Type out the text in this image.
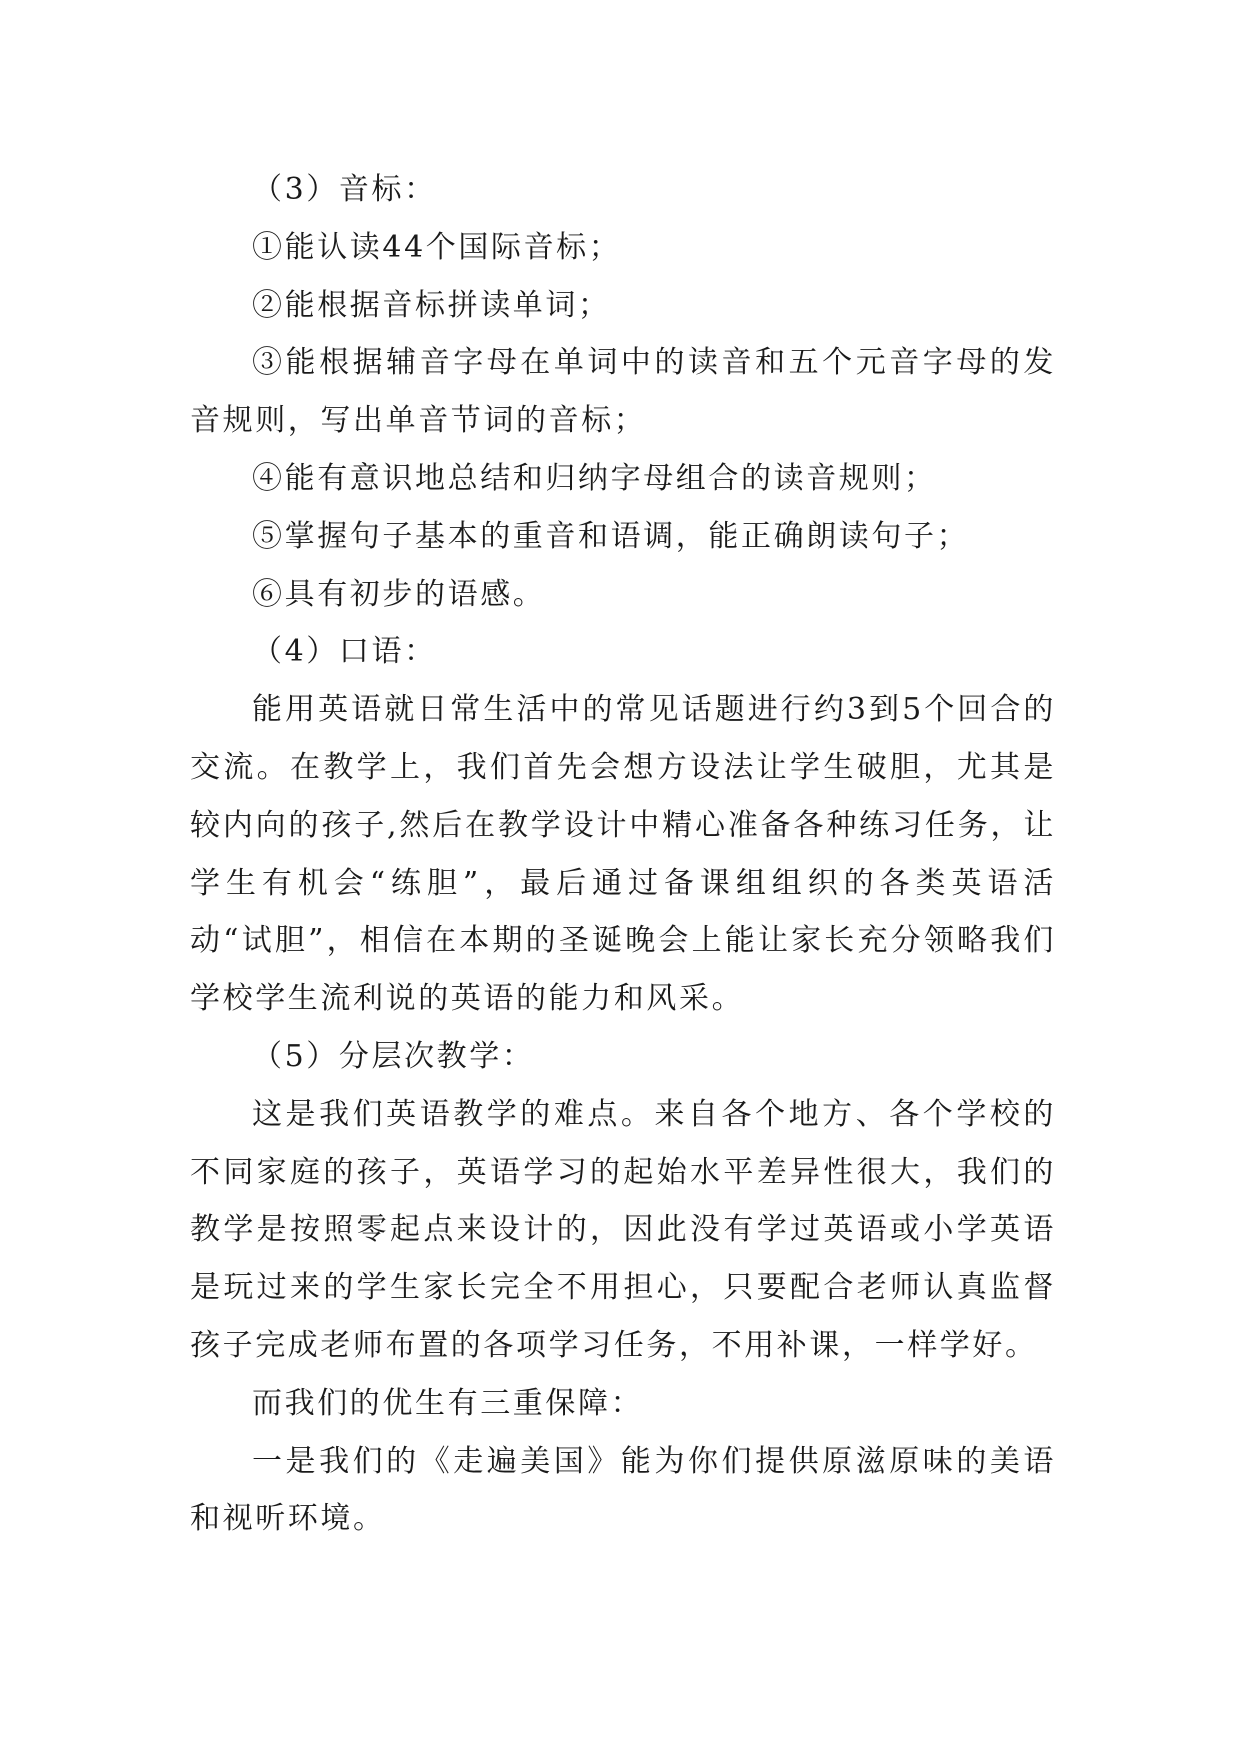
（3）音标：

①能认读44个国际音标；

②能根据音标拼读单词；

③能根据辅音字母在单词中的读音和五个元音字母的发音规则，写出单音节词的音标；

④能有意识地总结和归纳字母组合的读音规则；

⑤掌握句子基本的重音和语调，能正确朗读句子；

⑥具有初步的语感。

（4）口语：

能用英语就日常生活中的常见话题进行约3到5个回合的交流。在教学上，我们首先会想方设法让学生破胆，尤其是较内向的孩子,然后在教学设计中精心准备各种练习任务，让学生有机会“练胆”，最后通过备课组组织的各类英语活动“试胆”，相信在本期的圣诞晚会上能让家长充分领略我们学校学生流利说的英语的能力和风采。

（5）分层次教学：

这是我们英语教学的难点。来自各个地方、各个学校的不同家庭的孩子，英语学习的起始水平差异性很大，我们的教学是按照零起点来设计的，因此没有学过英语或小学英语是玩过来的学生家长完全不用担心，只要配合老师认真监督孩子完成老师布置的各项学习任务，不用补课，一样学好。

而我们的优生有三重保障：

一是我们的《走遍美国》能为你们提供原滋原味的美语和视听环境。
